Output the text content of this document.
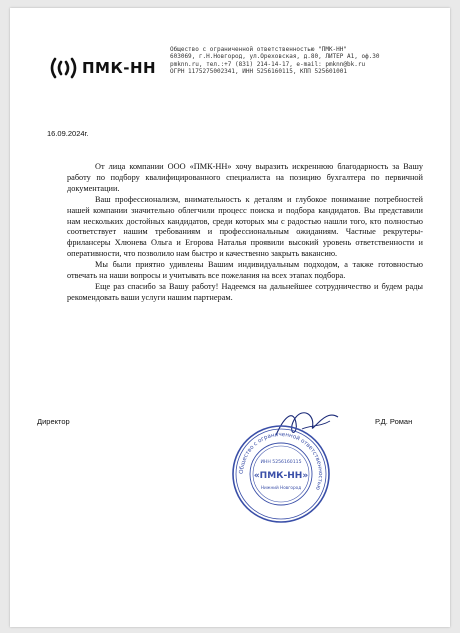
ПМК-НН
Общество с ограниченной ответственностью "ПМК-НН"
603069, г.Н.Новгород, ул.Ореховская, д.80, ЛИТЕР А1, оф.30
pmknn.ru, тел.:+7 (831) 214-14-17, e-mail: pmknn@bk.ru
ОГРН 1175275002341, ИНН 5256160115, КПП 525601001
16.09.2024г.

От лица компании ООО «ПМК-НН» хочу выразить искреннюю благодарность за Вашу работу по подбору квалифицированного специалиста на позицию бухгалтера по первичной документации.

Ваш профессионализм, внимательность к деталям и глубокое понимание потребностей нашей компании значительно облегчили процесс поиска и подбора кандидатов. Вы представили нам нескольких достойных кандидатов, среди которых мы с радостью нашли того, кто полностью соответствует нашим требованиям и профессиональным ожиданиям. Частные рекрутеры-фрилансеры Хлюнева Ольга и Егорова Наталья проявили высокий уровень ответственности и оперативности, что позволило нам быстро и качественно закрыть вакансию.

Мы были приятно удивлены Вашим индивидуальным подходом, а также готовностью отвечать на наши вопросы и учитывать все пожелания на всех этапах подбора.

Еще раз спасибо за Вашу работу! Надеемся на дальнейшее сотрудничество и будем рады рекомендовать ваши услуги нашим партнерам.

Директор	Р.Д. Роман
Общество с ограниченной ответственностью
ИНН 5256160115
«ПМК-НН»
Нижний Новгород
